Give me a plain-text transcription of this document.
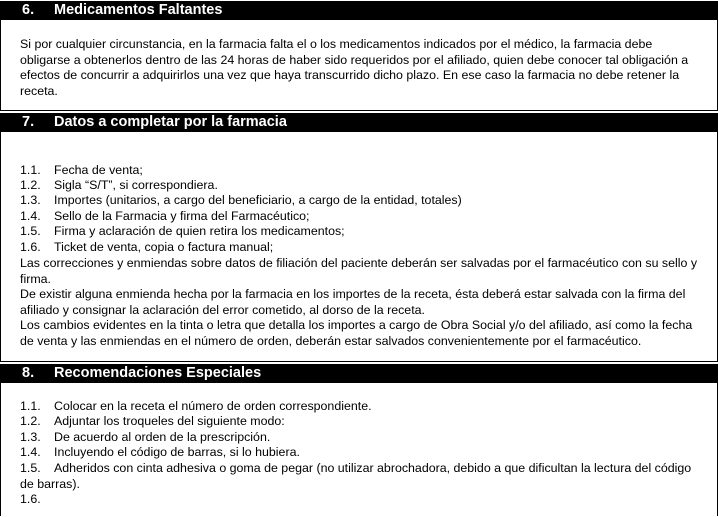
6. Medicamentos Faltantes
Si por cualquier circunstancia, en la farmacia falta el o los medicamentos indicados por el médico, la farmacia debe obligarse a obtenerlos dentro de las 24 horas de haber sido requeridos por el afiliado, quien debe conocer tal obligación a efectos de concurrir a adquirirlos una vez que haya transcurrido dicho plazo. En ese caso la farmacia no debe retener la receta.
7. Datos a completar por la farmacia
1.1. Fecha de venta;
1.2. Sigla “S/T”, si correspondiera.
1.3. Importes (unitarios, a cargo del beneficiario, a cargo de la entidad, totales)
1.4. Sello de la Farmacia y firma del Farmacéutico;
1.5. Firma y aclaración de quien retira los medicamentos;
1.6. Ticket de venta, copia o factura manual;
Las correcciones y enmiendas sobre datos de filiación del paciente deberán ser salvadas por el farmacéutico con su sello y firma.
De existir alguna enmienda hecha por la farmacia en los importes de la receta, ésta deberá estar salvada con la firma del afiliado y consignar la aclaración del error cometido, al dorso de la receta.
Los cambios evidentes en la tinta o letra que detalla los importes a cargo de Obra Social y/o del afiliado, así como la fecha de venta y las enmiendas en el número de orden, deberán estar salvados convenientemente por el farmacéutico.
8. Recomendaciones Especiales
1.1. Colocar en la receta el número de orden correspondiente.
1.2. Adjuntar los troqueles del siguiente modo:
1.3. De acuerdo al orden de la prescripción.
1.4. Incluyendo el código de barras, si lo hubiera.
1.5. Adheridos con cinta adhesiva o goma de pegar (no utilizar abrochadora, debido a que dificultan la lectura del código de barras).
1.6.
